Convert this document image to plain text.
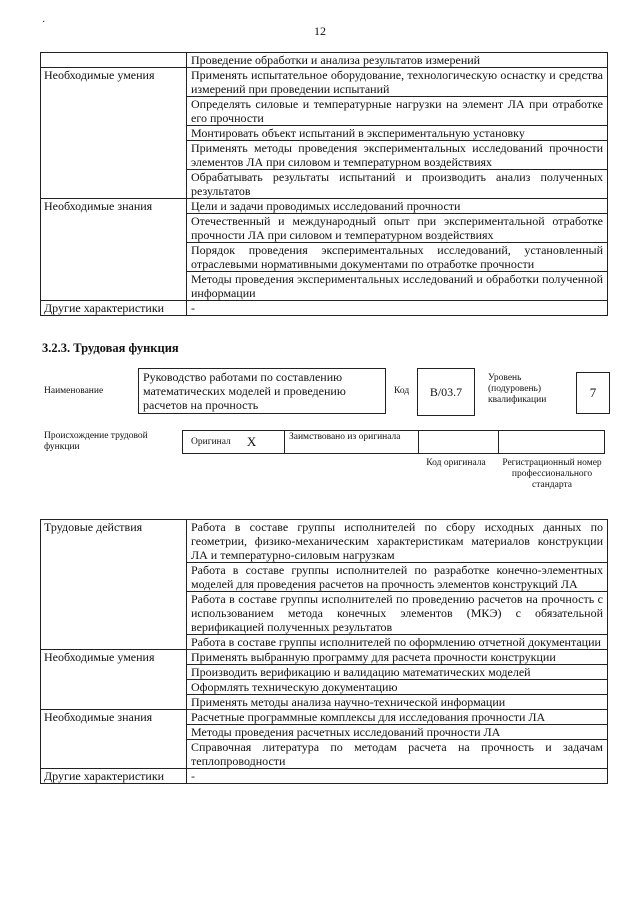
·
12
	Проведение обработки и анализа результатов измерений
Необходимые умения	Применять испытательное оборудование, технологическую оснастку и средства измерений при проведении испытаний
	Определять силовые и температурные нагрузки на элемент ЛА при отработке его прочности
	Монтировать объект испытаний в экспериментальную установку
	Применять методы проведения экспериментальных исследований прочности элементов ЛА при силовом и температурном воздействиях
	Обрабатывать результаты испытаний и производить анализ полученных результатов
Необходимые знания	Цели и задачи проводимых исследований прочности
	Отечественный и международный опыт при экспериментальной отработке прочности ЛА при силовом и температурном воздействиях
	Порядок проведения экспериментальных исследований, установленный отраслевыми нормативными документами по отработке прочности
	Методы проведения экспериментальных исследований и обработки полученной информации
Другие характеристики	-
3.2.3. Трудовая функция
Наименование
Руководство работами по составлению математических моделей и проведению расчетов на прочность
Код	В/03.7
Уровень (подуровень) квалификации	7
Происхождение трудовой функции
Оригинал X	Заимствовано из оригинала
Код оригинала	Регистрационный номер профессионального стандарта
Трудовые действия	Работа в составе группы исполнителей по сбору исходных данных по геометрии, физико-механическим характеристикам материалов конструкции ЛА и температурно-силовым нагрузкам
	Работа в составе группы исполнителей по разработке конечно-элементных моделей для проведения расчетов на прочность элементов конструкций ЛА
	Работа в составе группы исполнителей по проведению расчетов на прочность с использованием метода конечных элементов (МКЭ) с обязательной верификацией полученных результатов
	Работа в составе группы исполнителей по оформлению отчетной документации
Необходимые умения	Применять выбранную программу для расчета прочности конструкции
	Производить верификацию и валидацию математических моделей
	Оформлять техническую документацию
	Применять методы анализа научно-технической информации
Необходимые знания	Расчетные программные комплексы для исследования прочности ЛА
	Методы проведения расчетных исследований прочности ЛА
	Справочная литература по методам расчета на прочность и задачам теплопроводности
Другие характеристики	-
